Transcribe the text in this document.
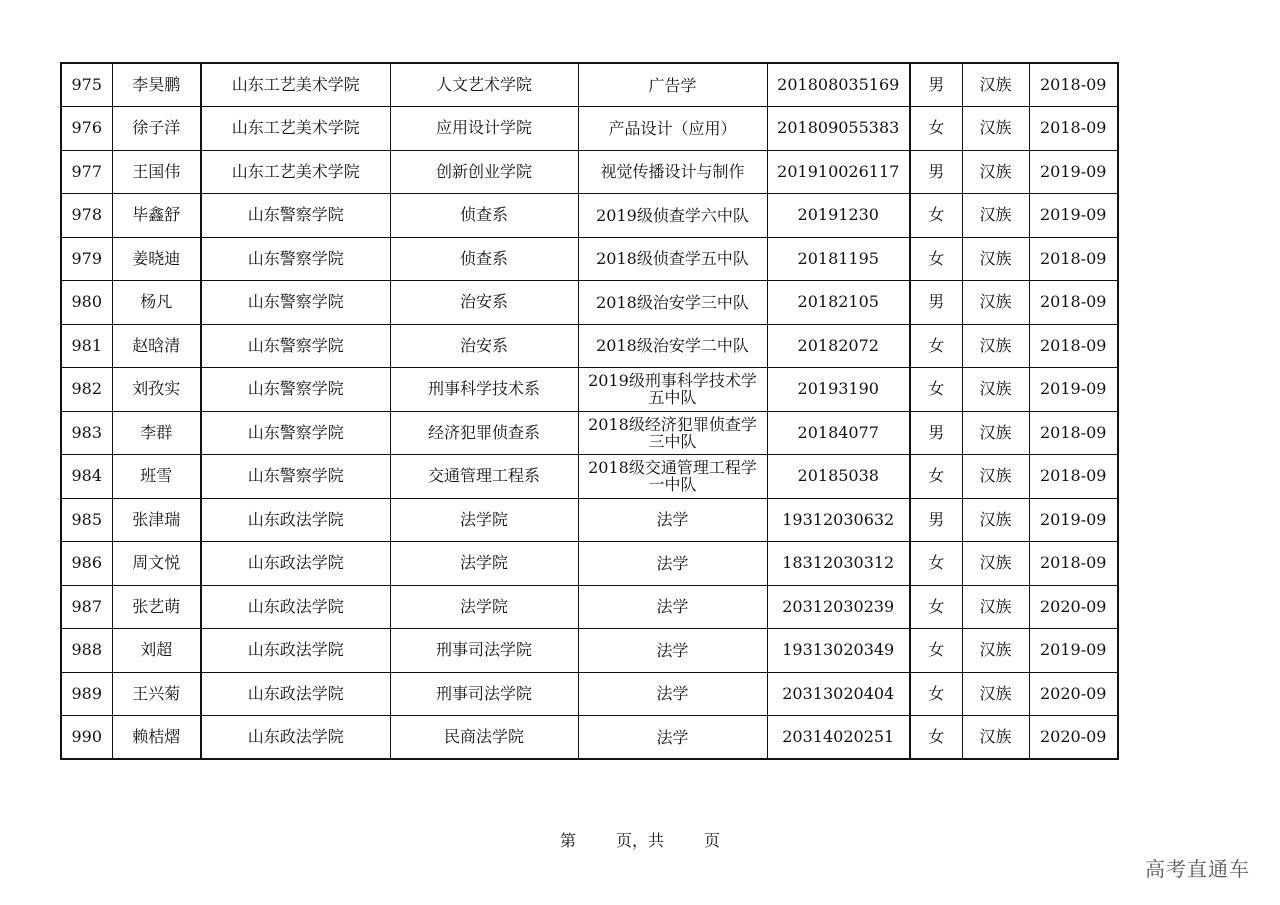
975	李昊鹏	山东工艺美术学院	人文艺术学院	广告学	201808035169	男	汉族	2018-09
976	徐子洋	山东工艺美术学院	应用设计学院	产品设计（应用）	201809055383	女	汉族	2018-09
977	王国伟	山东工艺美术学院	创新创业学院	视觉传播设计与制作	201910026117	男	汉族	2019-09
978	毕鑫舒	山东警察学院	侦查系	2019级侦查学六中队	20191230	女	汉族	2019-09
979	姜晓迪	山东警察学院	侦查系	2018级侦查学五中队	20181195	女	汉族	2018-09
980	杨凡	山东警察学院	治安系	2018级治安学三中队	20182105	男	汉族	2018-09
981	赵晗清	山东警察学院	治安系	2018级治安学二中队	20182072	女	汉族	2018-09
982	刘孜实	山东警察学院	刑事科学技术系	2019级刑事科学技术学五中队	20193190	女	汉族	2019-09
983	李群	山东警察学院	经济犯罪侦查系	2018级经济犯罪侦查学三中队	20184077	男	汉族	2018-09
984	班雪	山东警察学院	交通管理工程系	2018级交通管理工程学一中队	20185038	女	汉族	2018-09
985	张津瑞	山东政法学院	法学院	法学	19312030632	男	汉族	2019-09
986	周文悦	山东政法学院	法学院	法学	18312030312	女	汉族	2018-09
987	张艺萌	山东政法学院	法学院	法学	20312030239	女	汉族	2020-09
988	刘超	山东政法学院	刑事司法学院	法学	19313020349	女	汉族	2019-09
989	王兴菊	山东政法学院	刑事司法学院	法学	20313020404	女	汉族	2020-09
990	赖桔熠	山东政法学院	民商法学院	法学	20314020251	女	汉族	2020-09
第	页，共	页
高考直通车
